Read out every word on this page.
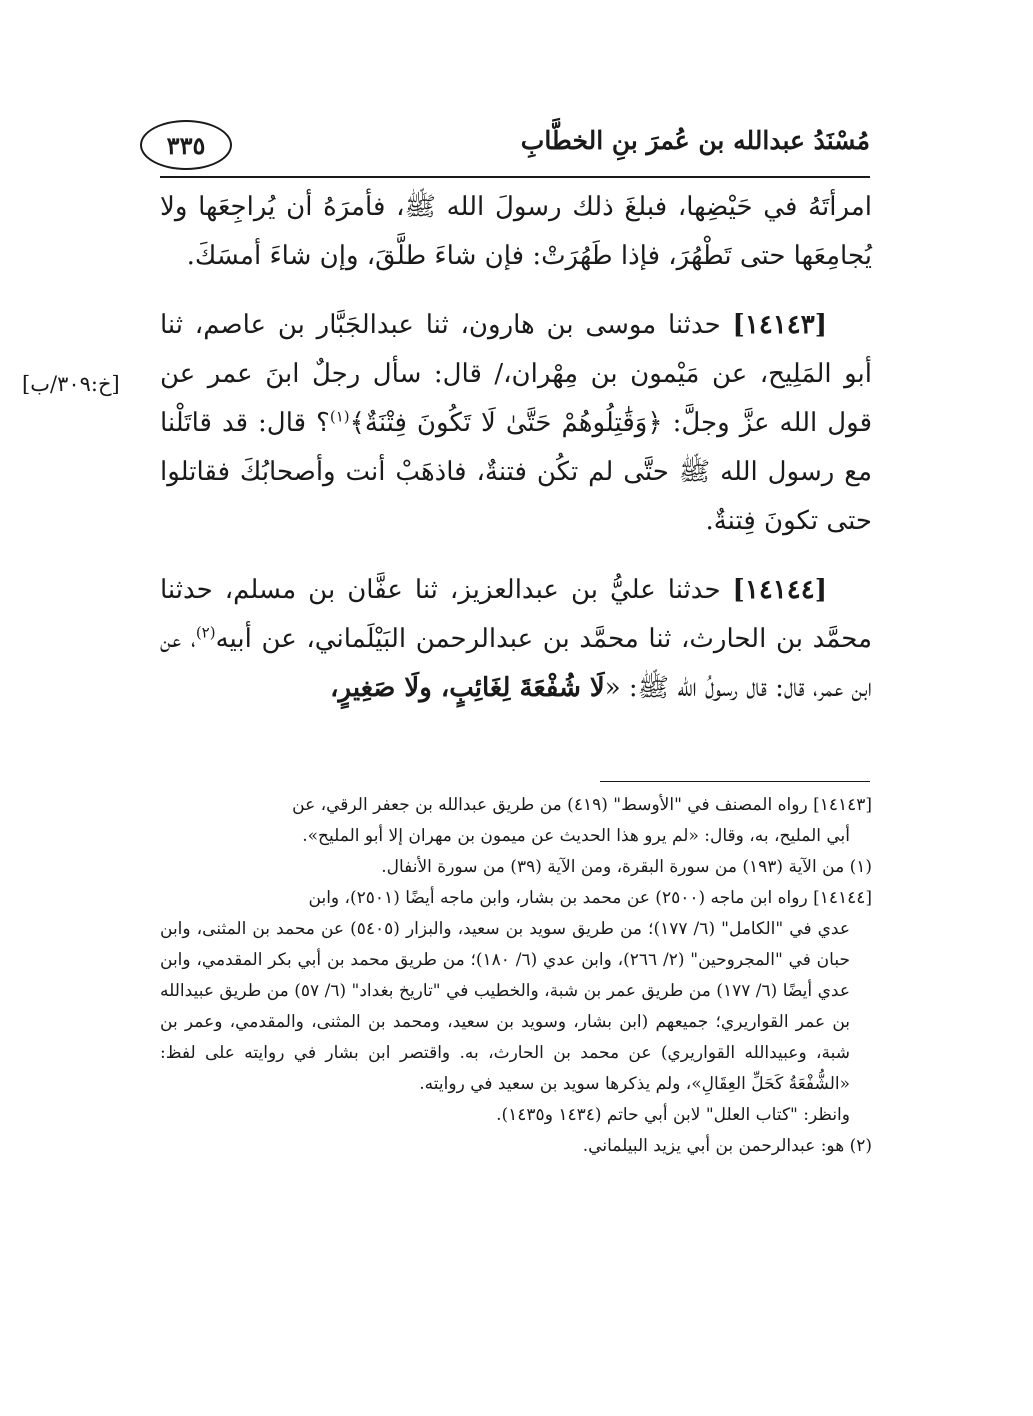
مُسْنَدُ عبدالله بن عُمرَ بنِ الخطَّابِ
٣٣٥
[خ:٣٠٩/ب]

امرأتَهُ في حَيْضِها، فبلغَ ذلك رسولَ الله ﷺ، فأمرَهُ أن يُراجِعَها ولا يُجامِعَها حتى تَطْهُرَ، فإذا طَهُرَتْ: فإن شاءَ طلَّقَ، وإن شاءَ أمسَكَ.

[١٤١٤٣] حدثنا موسى بن هارون، ثنا عبدالجَبَّار بن عاصم، ثنا أبو المَلِيح، عن مَيْمون بن مِهْران،/ قال: سأل رجلٌ ابنَ عمر عن قول الله عزَّ وجلَّ: ﴿وَقَٰتِلُوهُمْ حَتَّىٰ لَا تَكُونَ فِتْنَةٌ﴾$^{(١)}$؟ قال: قد قاتَلْنا مع رسول الله ﷺ حتَّى لم تكُن فتنةٌ، فاذهَبْ أنت وأصحابُكَ فقاتلوا حتى تكونَ فِتنةٌ.

[١٤١٤٤] حدثنا عليُّ بن عبدالعزيز، ثنا عفَّان بن مسلم، حدثنا محمَّد بن الحارث، ثنا محمَّد بن عبدالرحمن البَيْلَماني، عن أبيه$^{(٢)}$، عن ابن عمر، قال: قال رسولُ الله ﷺ: «لَا شُفْعَةَ لِغَائِبٍ، ولَا صَغِيرٍ،

[١٤١٤٣] رواه المصنف في "الأوسط" (٤١٩) من طريق عبدالله بن جعفر الرقي، عن
أبي المليح، به، وقال: «لم يرو هذا الحديث عن ميمون بن مهران إلا أبو المليح».

(١) من الآية (١٩٣) من سورة البقرة، ومن الآية (٣٩) من سورة الأنفال.

[١٤١٤٤] رواه ابن ماجه (٢٥٠٠) عن محمد بن بشار، وابن ماجه أيضًا (٢٥٠١)، وابن
عدي في "الكامل" (٦/ ١٧٧)؛ من طريق سويد بن سعيد، والبزار (٥٤٠٥) عن محمد بن المثنى، وابن حبان في "المجروحين" (٢/ ٢٦٦)، وابن عدي (٦/ ١٨٠)؛ من طريق محمد بن أبي بكر المقدمي، وابن عدي أيضًا (٦/ ١٧٧) من طريق عمر بن شبة، والخطيب في "تاريخ بغداد" (٦/ ٥٧) من طريق عبيدالله بن عمر القواريري؛ جميعهم (ابن بشار، وسويد بن سعيد، ومحمد بن المثنى، والمقدمي، وعمر بن شبة، وعبيدالله القواريري) عن محمد بن الحارث، به. واقتصر ابن بشار في روايته على لفظ: «الشُّفْعَةُ كَحَلِّ العِقَالِ»، ولم يذكرها سويد بن سعيد في روايته.

وانظر: "كتاب العلل" لابن أبي حاتم (١٤٣٤ و١٤٣٥).

(٢) هو: عبدالرحمن بن أبي يزيد البيلماني.
